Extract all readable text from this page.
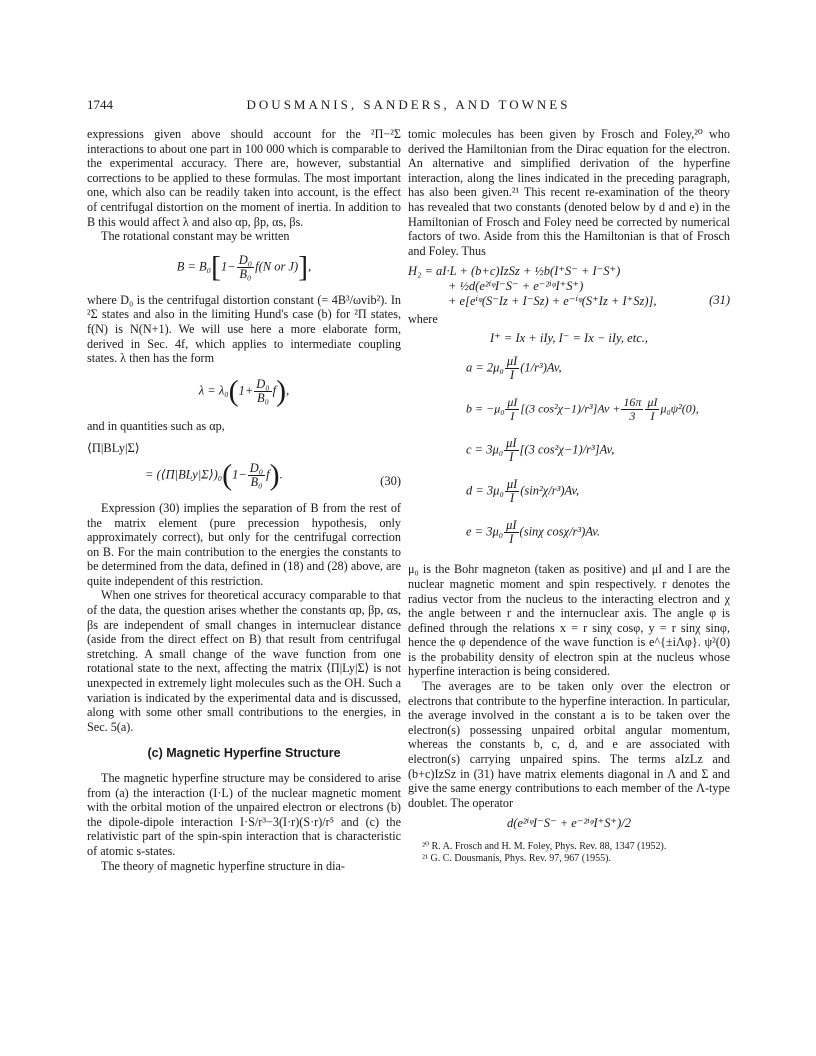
1744	DOUSMANIS, SANDERS, AND TOWNES

expressions given above should account for the ²Π−²Σ interactions to about one part in 100 000 which is comparable to the experimental accuracy. There are, however, substantial corrections to be applied to these formulas. The most important one, which also can be readily taken into account, is the effect of centrifugal distortion on the moment of inertia. In addition to B this would affect λ and also αp, βp, αs, βs.

The rotational constant may be written

$B = B_0[1- \frac{\text{D₀}}{\text{B₀}} f(N$ or J)],

where D₀ is the centrifugal distortion constant (= 4B³/ωvib²). In ²Σ states and also in the limiting Hund's case (b) for ²Π states, f(N) is N(N+1). We will use here a more elaborate form, derived in Sec. 4f, which applies to intermediate coupling states. λ then has the form

$\lambda = \lambda_0(1+ \frac{\text{D₀}}{\text{B₀}} f)$,

and in quantities such as αp,

⟨Π|BLy|Σ⟩
= (⟨Π|BLy|Σ⟩)₀(1− $\frac{\text{D₀}}{\text{B₀}} f$).	(30)

Expression (30) implies the separation of B from the rest of the matrix element (pure precession hypothesis, only approximately correct), but only for the centrifugal correction on B. For the main contribution to the energies the constants to be determined from the data, defined in (18) and (28) above, are quite independent of this restriction.

When one strives for theoretical accuracy comparable to that of the data, the question arises whether the constants αp, βp, αs, βs are independent of small changes in internuclear distance (aside from the direct effect on B) that result from centrifugal stretching. A small change of the wave function from one rotational state to the next, affecting the matrix ⟨Π|Ly|Σ⟩ is not unexpected in extremely light molecules such as the OH. Such a variation is indicated by the experimental data and is discussed, along with some other small contributions to the energies, in Sec. 5(a).

(c) Magnetic Hyperfine Structure

The magnetic hyperfine structure may be considered to arise from (a) the interaction (I·L) of the nuclear magnetic moment with the orbital motion of the unpaired electron or electrons (b) the dipole-dipole interaction I·S/r³−3(I·r)(S·r)/r⁵ and (c) the relativistic part of the spin-spin interaction that is characteristic of atomic s-states.

The theory of magnetic hyperfine structure in dia-

tomic molecules has been given by Frosch and Foley,²⁰ who derived the Hamiltonian from the Dirac equation for the electron. An alternative and simplified derivation of the hyperfine interaction, along the lines indicated in the preceding paragraph, has also been given.²¹ This recent re-examination of the theory has revealed that two constants (denoted below by d and e) in the Hamiltonian of Frosch and Foley need be corrected by numerical factors of two. Aside from this the Hamiltonian is that of Frosch and Foley. Thus

H₂ = aI·L + (b+c)IzSz + ½b(I⁺S⁻ + I⁻S⁺)
+ ½d(e²ⁱᵠI⁻S⁻ + e⁻²ⁱᵠI⁺S⁺)
+ e[eⁱᵠ(S⁻Iz + I⁻Sz) + e⁻ⁱᵠ(S⁺Iz + I⁺Sz)],	(31)

where

I⁺ = Ix + iIy, I⁻ = Ix − iIy, etc.,
$a = 2\mu_0 \frac{\mu I}{I} (1/r^3)Av$,
$b = -\mu_0 \frac{\mu I}{I} [(3$ $\cos^2\chi-1)/r^3]Av + \frac{16\pi}{3} \frac{\mu I}{I} \mu_0\psi^2(0)$,
$c = 3\mu_0 \frac{\mu I}{I} [(3$ cos²χ−1)/r³]Av,
$d = 3\mu_0 \frac{\mu I}{I} (\sin^2\chi/r^3)Av$,
$e = 3\mu_0 \frac{\mu I}{I} (\sin\chi$ cosχ/r³)Av.

μ₀ is the Bohr magneton (taken as positive) and μI and I are the nuclear magnetic moment and spin respectively. r denotes the radius vector from the nucleus to the interacting electron and χ the angle between r and the internuclear axis. The angle φ is defined through the relations x = r sinχ cosφ, y = r sinχ sinφ, hence the φ dependence of the wave function is e^{±iΛφ}. ψ²(0) is the probability density of electron spin at the nucleus whose hyperfine interaction is being considered.

The averages are to be taken only over the electron or electrons that contribute to the hyperfine interaction. In particular, the average involved in the constant a is to be taken over the electron(s) possessing unpaired orbital angular momentum, whereas the constants b, c, d, and e are associated with electron(s) carrying unpaired spins. The terms aIzLz and (b+c)IzSz in (31) have matrix elements diagonal in Λ and Σ and give the same energy contributions to each member of the Λ-type doublet. The operator

d(e²ⁱᵠI⁻S⁻ + e⁻²ⁱᵠI⁺S⁺)/2

²⁰ R. A. Frosch and H. M. Foley, Phys. Rev. 88, 1347 (1952).

²¹ G. C. Dousmanis, Phys. Rev. 97, 967 (1955).
